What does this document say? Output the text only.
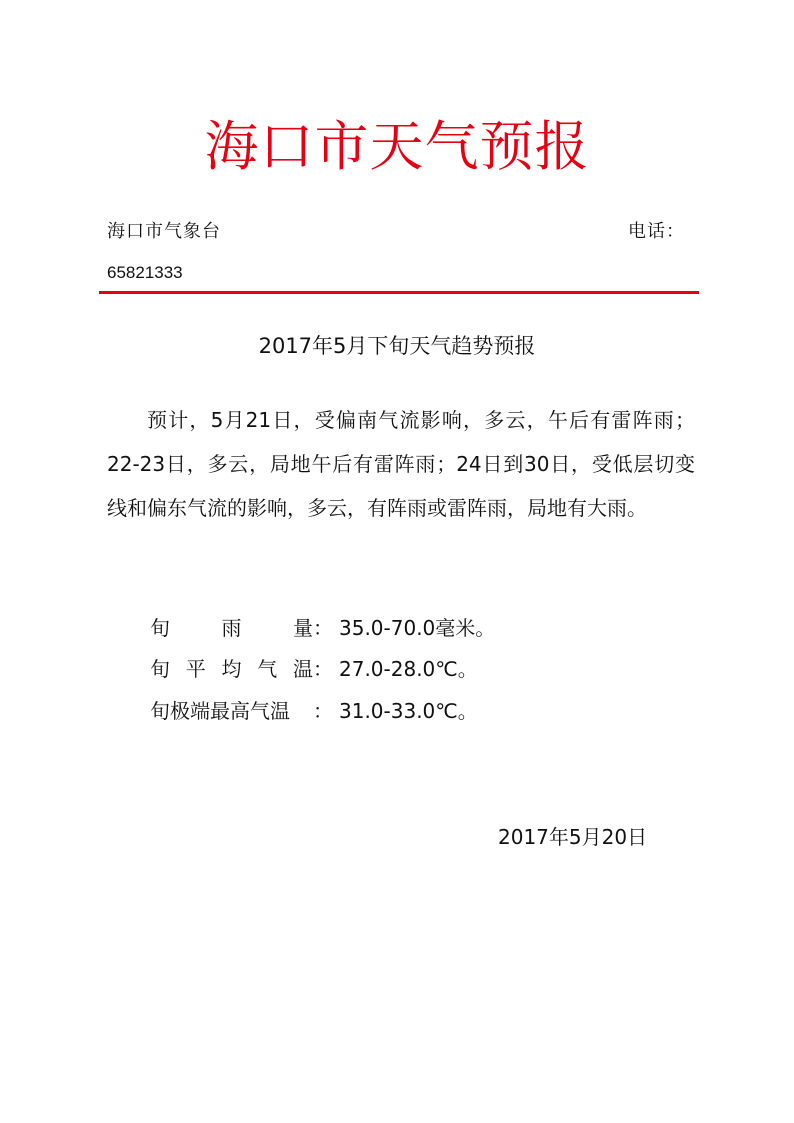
海口市天气预报
海口市气象台	电话：
65821333
2017年5月下旬天气趋势预报

预计，5月21日，受偏南气流影响，多云，午后有雷阵雨；22-23日，多云，局地午后有雷阵雨；24日到30日，受低层切变线和偏东气流的影响，多云，有阵雨或雷阵雨，局地有大雨。

旬	雨	量 ： 35.0-70.0毫米。
旬 平 均 气 温 ： 27.0-28.0℃。
旬极端最高气温	： 31.0-33.0℃。
2017年5月20日
